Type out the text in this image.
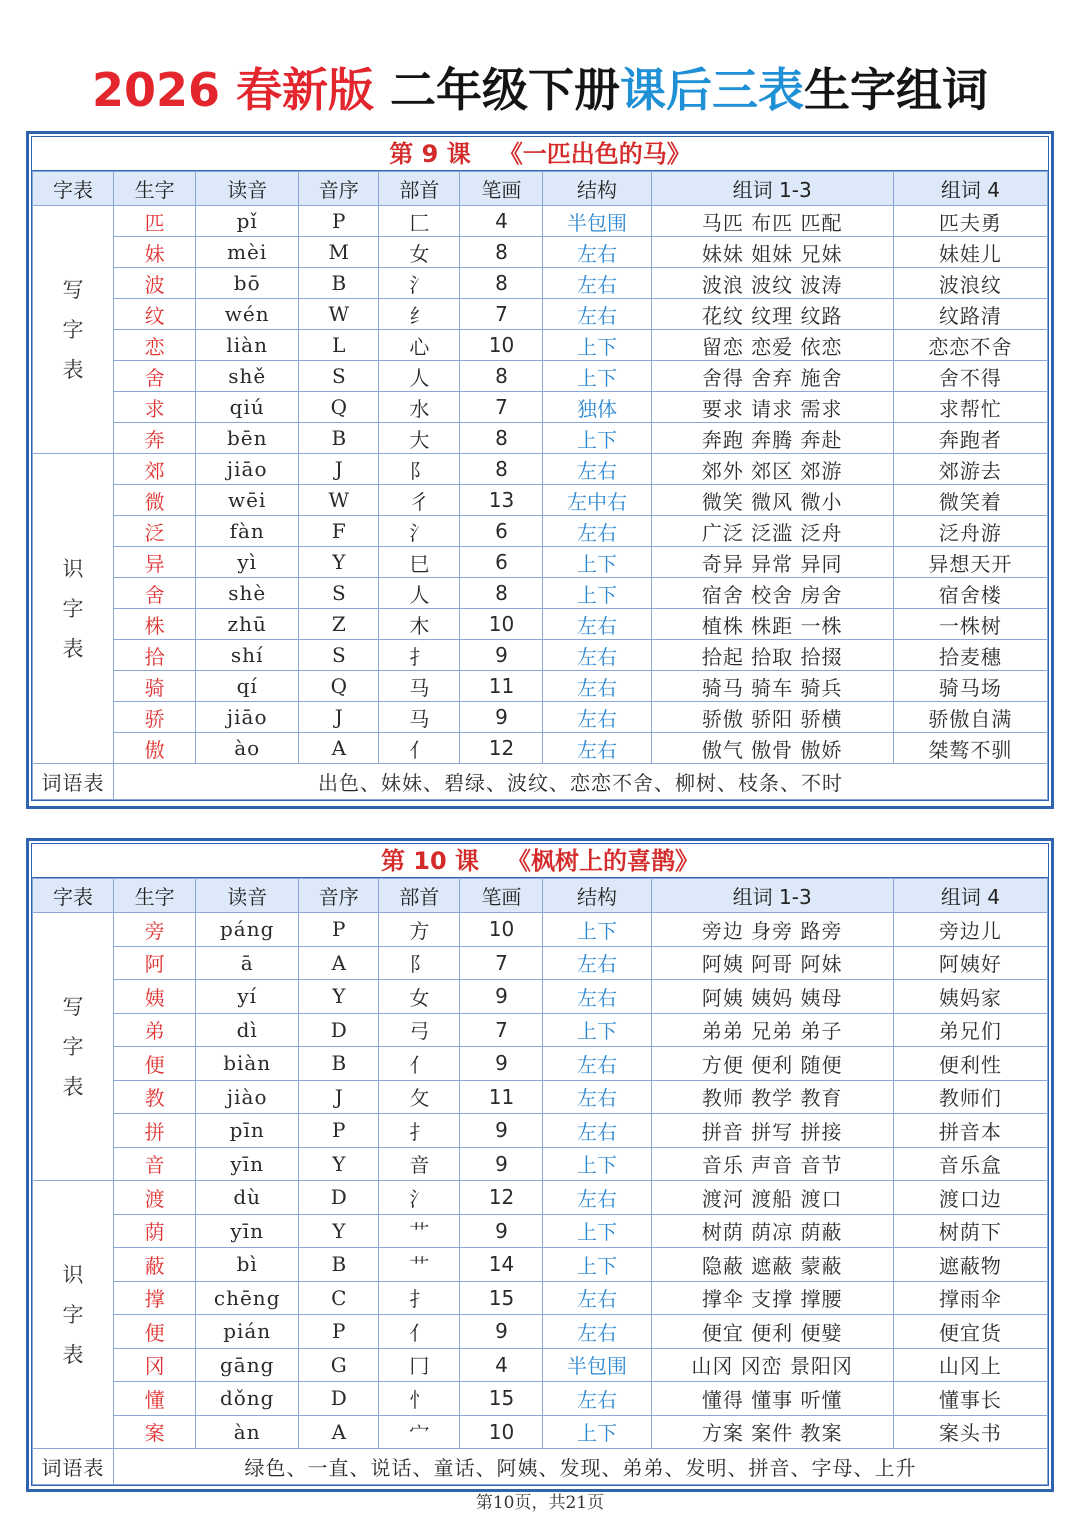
2026 春新版 二年级下册课后三表生字组词
第 9 课 《一匹出色的马》
字表	生字	读音	音序	部首	笔画	结构	组词 1-3	组词 4

写
字
表	匹	pǐ	P	匚	4	半包围	马匹 布匹 匹配	匹夫勇
	妹	mèi	M	女	8	左右	妹妹 姐妹 兄妹	妹娃儿
	波	bō	B	氵	8	左右	波浪 波纹 波涛	波浪纹
	纹	wén	W	纟	7	左右	花纹 纹理 纹路	纹路清
	恋	liàn	L	心	10	上下	留恋 恋爱 依恋	恋恋不舍
	舍	shě	S	人	8	上下	舍得 舍弃 施舍	舍不得
	求	qiú	Q	水	7	独体	要求 请求 需求	求帮忙
	奔	bēn	B	大	8	上下	奔跑 奔腾 奔赴	奔跑者

识
字
表	郊	jiāo	J	阝	8	左右	郊外 郊区 郊游	郊游去
	微	wēi	W	彳	13	左中右	微笑 微风 微小	微笑着
	泛	fàn	F	氵	6	左右	广泛 泛滥 泛舟	泛舟游
	异	yì	Y	巳	6	上下	奇异 异常 异同	异想天开
	舍	shè	S	人	8	上下	宿舍 校舍 房舍	宿舍楼
	株	zhū	Z	木	10	左右	植株 株距 一株	一株树
	拾	shí	S	扌	9	左右	拾起 拾取 拾掇	拾麦穗
	骑	qí	Q	马	11	左右	骑马 骑车 骑兵	骑马场
	骄	jiāo	J	马	9	左右	骄傲 骄阳 骄横	骄傲自满
	傲	ào	A	亻	12	左右	傲气 傲骨 傲娇	桀骜不驯
词语表	出色、妹妹、碧绿、波纹、恋恋不舍、柳树、枝条、不时							
第 10 课 《枫树上的喜鹊》
字表	生字	读音	音序	部首	笔画	结构	组词 1-3	组词 4

写
字
表	旁	páng	P	方	10	上下	旁边 身旁 路旁	旁边儿
	阿	ā	A	阝	7	左右	阿姨 阿哥 阿妹	阿姨好
	姨	yí	Y	女	9	左右	阿姨 姨妈 姨母	姨妈家
	弟	dì	D	弓	7	上下	弟弟 兄弟 弟子	弟兄们
	便	biàn	B	亻	9	左右	方便 便利 随便	便利性
	教	jiào	J	攵	11	左右	教师 教学 教育	教师们
	拼	pīn	P	扌	9	左右	拼音 拼写 拼接	拼音本
	音	yīn	Y	音	9	上下	音乐 声音 音节	音乐盒

识
字
表	渡	dù	D	氵	12	左右	渡河 渡船 渡口	渡口边
	荫	yīn	Y	艹	9	上下	树荫 荫凉 荫蔽	树荫下
	蔽	bì	B	艹	14	上下	隐蔽 遮蔽 蒙蔽	遮蔽物
	撑	chēng	C	扌	15	左右	撑伞 支撑 撑腰	撑雨伞
	便	pián	P	亻	9	左右	便宜 便利 便嬖	便宜货
	冈	gāng	G	冂	4	半包围	山冈 冈峦 景阳冈	山冈上
	懂	dǒng	D	忄	15	左右	懂得 懂事 听懂	懂事长
	案	àn	A	宀	10	上下	方案 案件 教案	案头书
词语表	绿色、一直、说话、童话、阿姨、发现、弟弟、发明、拼音、字母、上升							
第10页，共21页
